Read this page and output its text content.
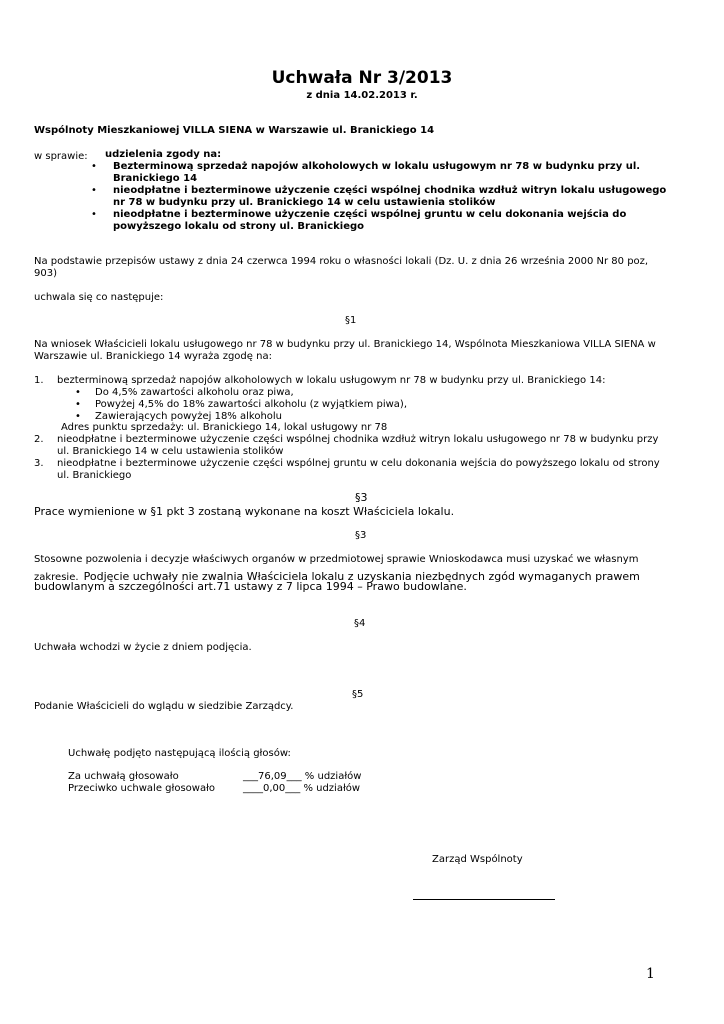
Uchwała Nr 3/2013
z dnia 14.02.2013 r.
Wspólnoty Mieszkaniowej VILLA SIENA w Warszawie ul. Branickiego 14
w sprawie: udzielenia zgody na:
• Bezterminową sprzedaż napojów alkoholowych w lokalu usługowym nr 78 w budynku przy ul.
Branickiego 14
• nieodpłatne i bezterminowe użyczenie części wspólnej chodnika wzdłuż witryn lokalu usługowego
nr 78 w budynku przy ul. Branickiego 14 w celu ustawienia stolików
• nieodpłatne i bezterminowe użyczenie części wspólnej gruntu w celu dokonania wejścia do
powyższego lokalu od strony ul. Branickiego
Na podstawie przepisów ustawy z dnia 24 czerwca 1994 roku o własności lokali (Dz. U. z dnia 26 września 2000 Nr 80 poz,
903)
uchwala się co następuje:
§1
Na wniosek Właścicieli lokalu usługowego nr 78 w budynku przy ul. Branickiego 14, Wspólnota Mieszkaniowa VILLA SIENA w
Warszawie ul. Branickiego 14 wyraża zgodę na:
1. bezterminową sprzedaż napojów alkoholowych w lokalu usługowym nr 78 w budynku przy ul. Branickiego 14:
• Do 4,5% zawartości alkoholu oraz piwa,
• Powyżej 4,5% do 18% zawartości alkoholu (z wyjątkiem piwa),
• Zawierających powyżej 18% alkoholu
Adres punktu sprzedaży: ul. Branickiego 14, lokal usługowy nr 78
2. nieodpłatne i bezterminowe użyczenie części wspólnej chodnika wzdłuż witryn lokalu usługowego nr 78 w budynku przy
ul. Branickiego 14 w celu ustawienia stolików
3. nieodpłatne i bezterminowe użyczenie części wspólnej gruntu w celu dokonania wejścia do powyższego lokalu od strony
ul. Branickiego
§3
Prace wymienione w §1 pkt 3 zostaną wykonane na koszt Właściciela lokalu.
§3
Stosowne pozwolenia i decyzje właściwych organów w przedmiotowej sprawie Wnioskodawca musi uzyskać we własnym
zakresie. Podjęcie uchwały nie zwalnia Właściciela lokalu z uzyskania niezbędnych zgód wymaganych prawem
budowlanym a szczególności art.71 ustawy z 7 lipca 1994 – Prawo budowlane.
§4
Uchwała wchodzi w życie z dniem podjęcia.
§5
Podanie Właścicieli do wglądu w siedzibie Zarządcy.
Uchwałę podjęto następującą ilością głosów:
Za uchwałą głosowało	___76,09___ % udziałów
Przeciwko uchwale głosowało	____0,00___ % udziałów
Zarząd Wspólnoty
1
